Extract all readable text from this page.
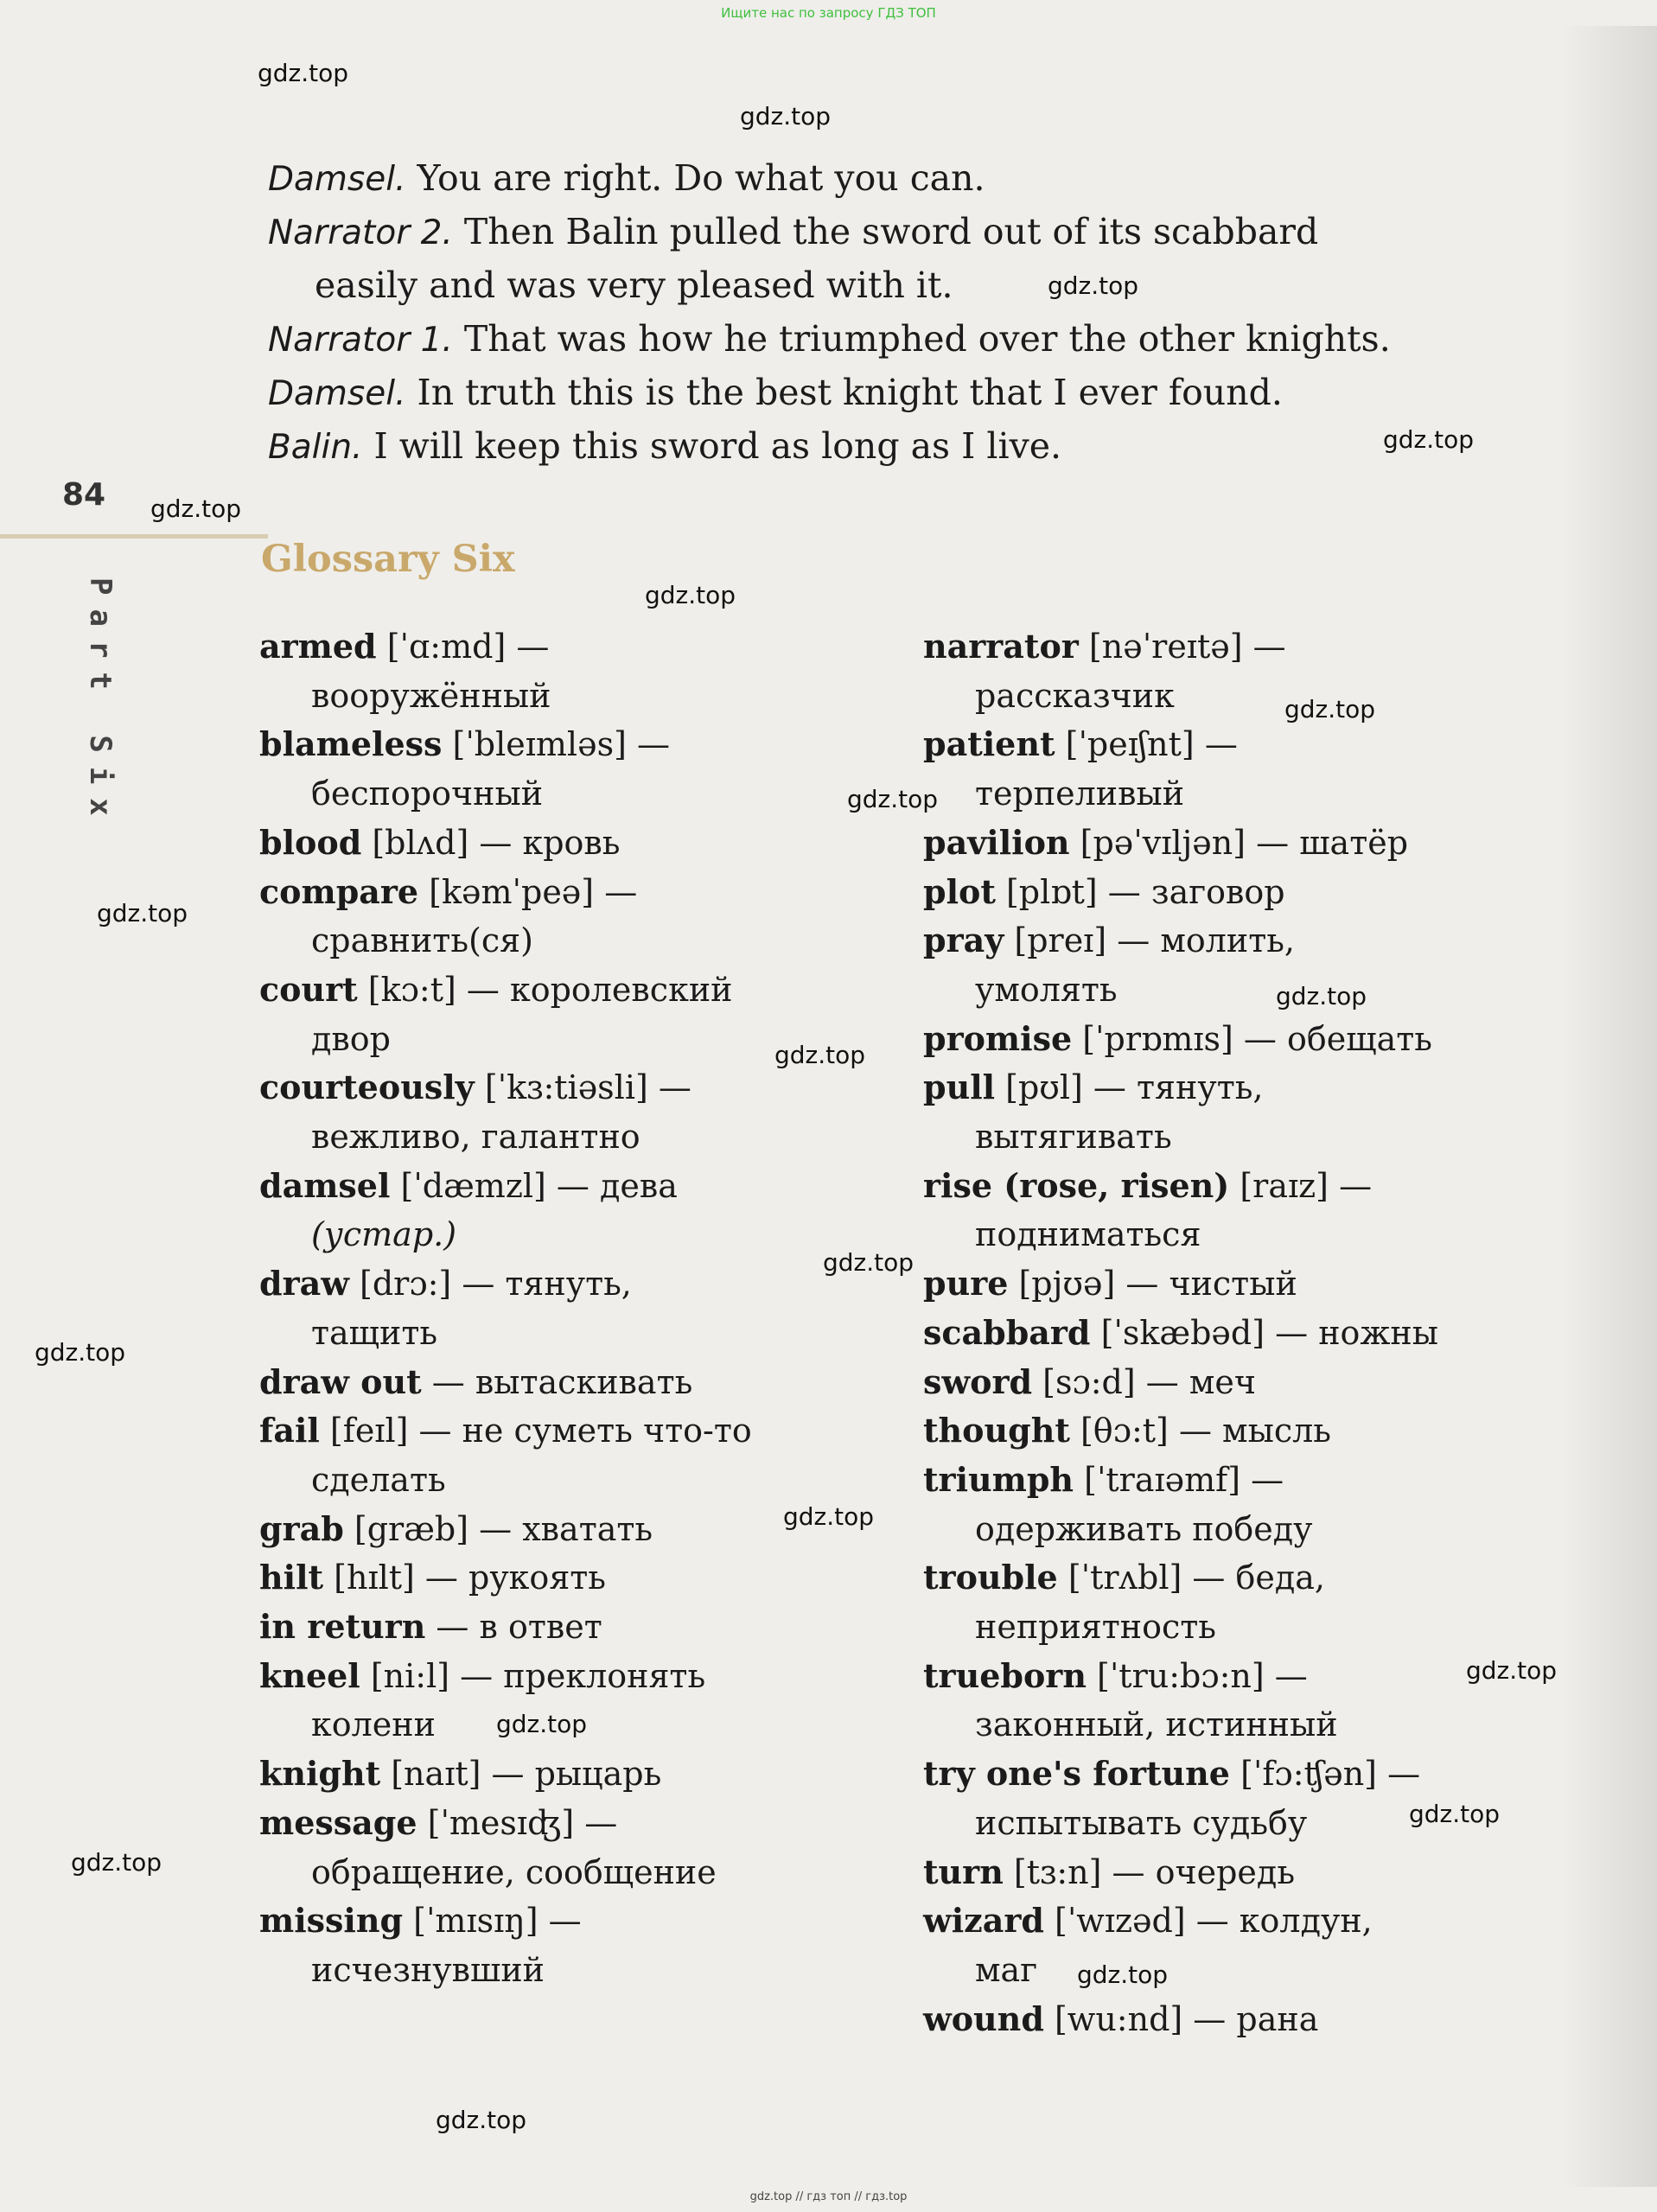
Ищите нас по запросу ГДЗ ТОП
84
Part Six
Damsel. You are right. Do what you can.
Narrator 2. Then Balin pulled the sword out of its scabbard
easily and was very pleased with it.
Narrator 1. That was how he triumphed over the other knights.
Damsel. In truth this is the best knight that I ever found.
Balin. I will keep this sword as long as I live.
Glossary Six
armed [ˈɑ:md] —
вооружённый
blameless [ˈbleɪmləs] —
беспорочный
blood [blʌd] — кровь
compare [kəmˈpeə] —
сравнить(ся)
court [kɔ:t] — королевский
двор
courteously [ˈkɜ:tiəsli] —
вежливо, галантно
damsel [ˈdæmzl] — дева
(устар.)
draw [drɔ:] — тянуть,
тащить
draw out — вытаскивать
fail [feɪl] — не суметь что-то
сделать
grab [græb] — хватать
hilt [hɪlt] — рукоять
in return — в ответ
kneel [ni:l] — преклонять
колени
knight [naɪt] — рыцарь
message [ˈmesɪʤ] —
обращение, сообщение
missing [ˈmɪsɪŋ] —
исчезнувший
narrator [nəˈreɪtə] —
рассказчик
patient [ˈpeɪʃnt] —
терпеливый
pavilion [pəˈvɪljən] — шатёр
plot [plɒt] — заговор
pray [preɪ] — молить,
умолять
promise [ˈprɒmɪs] — обещать
pull [pʊl] — тянуть,
вытягивать
rise (rose, risen) [raɪz] —
подниматься
pure [pjʊə] — чистый
scabbard [ˈskæbəd] — ножны
sword [sɔ:d] — меч
thought [θɔ:t] — мысль
triumph [ˈtraɪəmf] —
одерживать победу
trouble [ˈtrʌbl] — беда,
неприятность
trueborn [ˈtru:bɔ:n] —
законный, истинный
try one's fortune [ˈfɔ:ʧən] —
испытывать судьбу
turn [tɜ:n] — очередь
wizard [ˈwɪzəd] — колдун,
маг
wound [wu:nd] — рана
gdz.top
gdz.top
gdz.top
gdz.top
gdz.top
gdz.top
gdz.top
gdz.top
gdz.top
gdz.top
gdz.top
gdz.top
gdz.top
gdz.top
gdz.top
gdz.top
gdz.top
gdz.top
gdz.top
gdz.top
gdz.top // гдз топ // гдз.top
